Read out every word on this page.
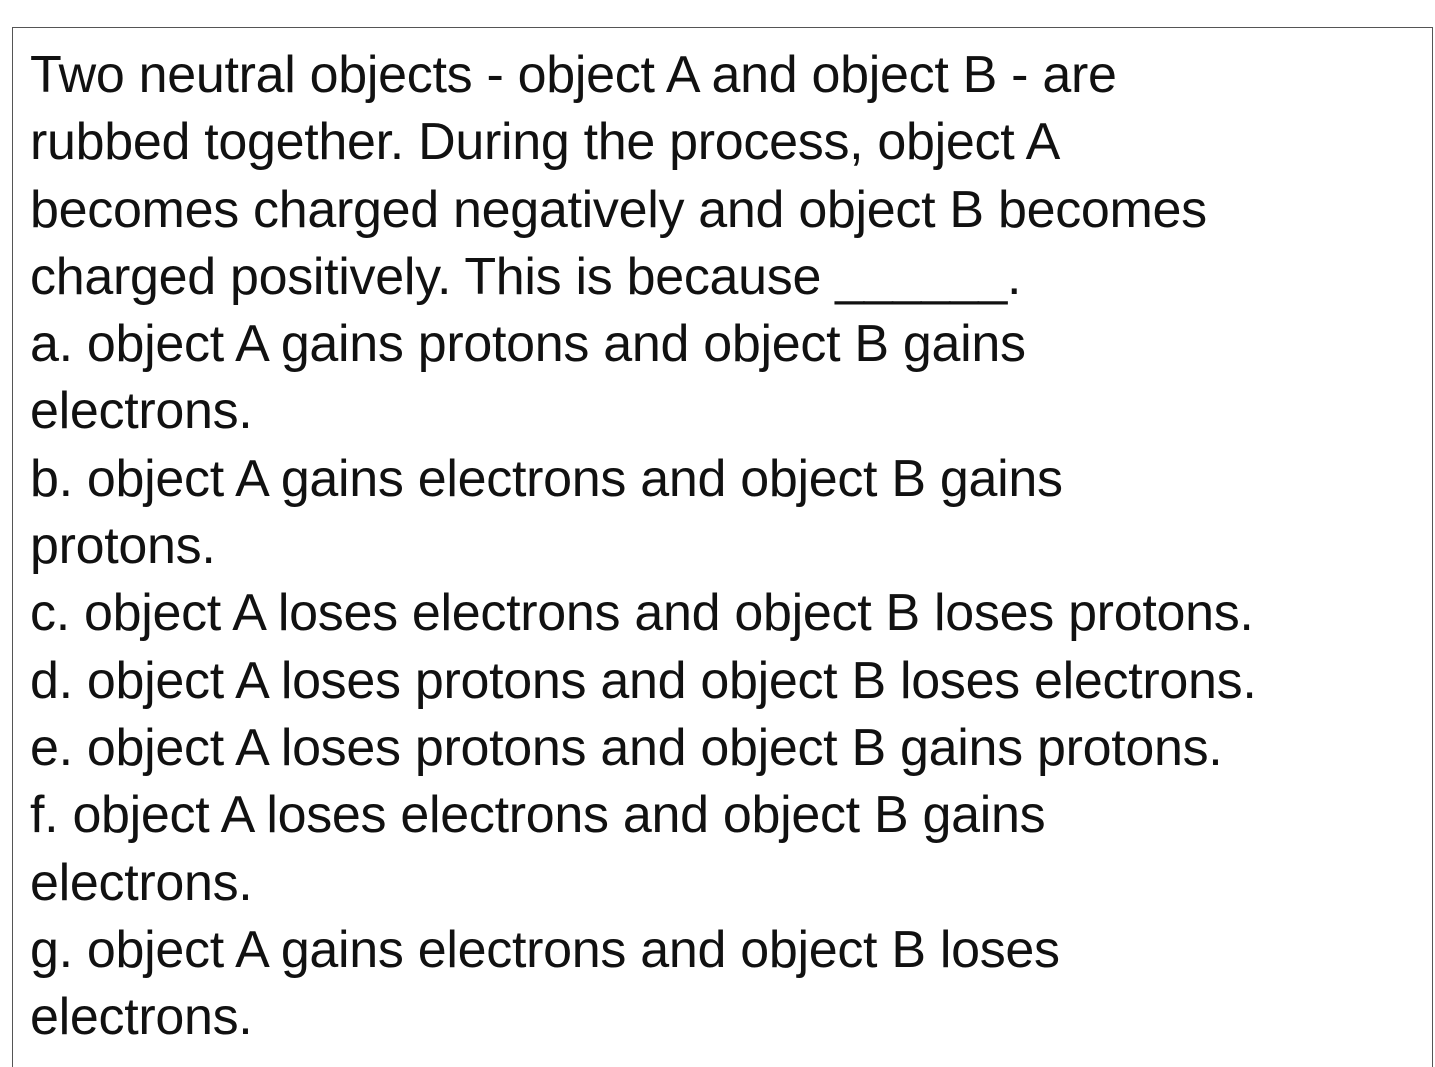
Two neutral objects - object A and object B - are
rubbed together. During the process, object A
becomes charged negatively and object B becomes
charged positively. This is because ______.
a. object A gains protons and object B gains
electrons.
b. object A gains electrons and object B gains
protons.
c. object A loses electrons and object B loses protons.
d. object A loses protons and object B loses electrons.
e. object A loses protons and object B gains protons.
f. object A loses electrons and object B gains
electrons.
g. object A gains electrons and object B loses
electrons.
